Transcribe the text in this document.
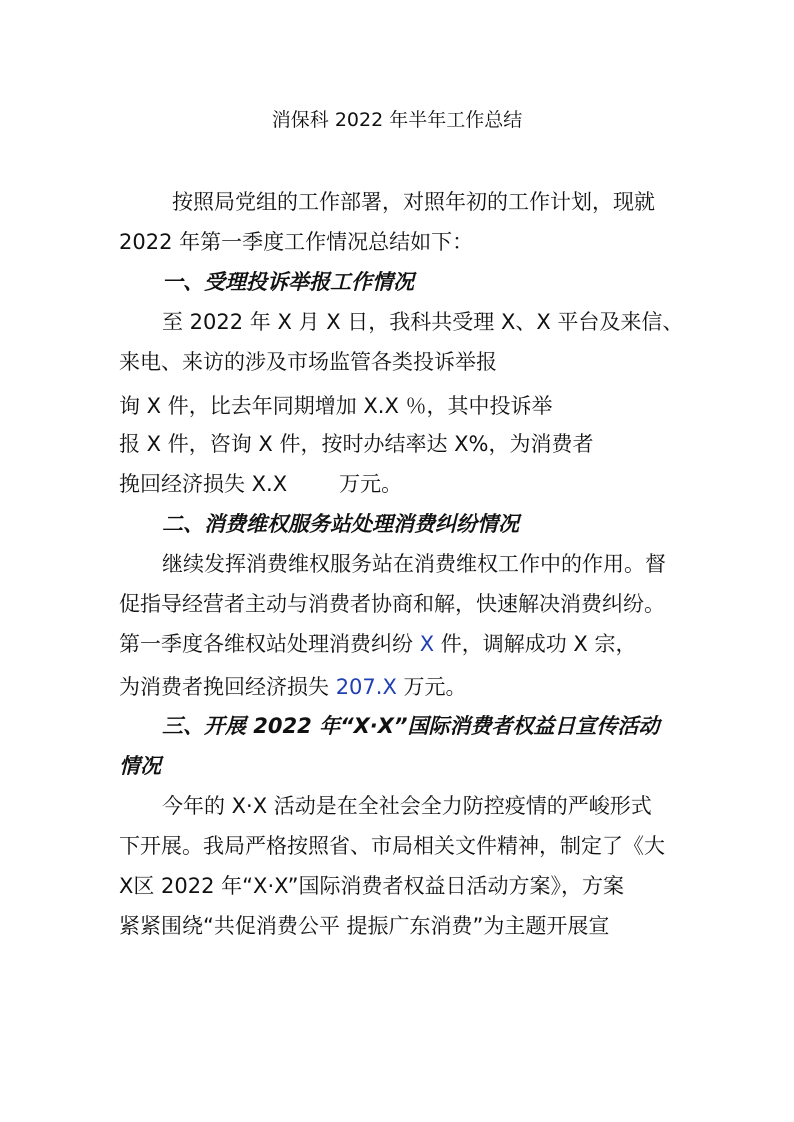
消保科 2022 年半年工作总结
按照局党组的工作部署，对照年初的工作计划，现就
2022 年第一季度工作情况总结如下：
一、受理投诉举报工作情况
至 2022 年 X 月 X 日，我科共受理 X、X 平台及来信、
来电、来访的涉及市场监管各类投诉举报
询 X 件，比去年同期增加 X.X ％，其中投诉举
报 X 件，咨询 X 件，按时办结率达 X%，为消费者
挽回经济损失 X.X 万元。
二、消费维权服务站处理消费纠纷情况
继续发挥消费维权服务站在消费维权工作中的作用。督
促指导经营者主动与消费者协商和解，快速解决消费纠纷。
第一季度各维权站处理消费纠纷 X 件，调解成功 X 宗，
为消费者挽回经济损失 207.X 万元。
三、开展 2022 年“X·X”国际消费者权益日宣传活动
情况
今年的 X·X 活动是在全社会全力防控疫情的严峻形式
下开展。我局严格按照省、市局相关文件精神，制定了《大
X区 2022 年“X·X”国际消费者权益日活动方案》，方案
紧紧围绕“共促消费公平 提振广东消费”为主题开展宣
